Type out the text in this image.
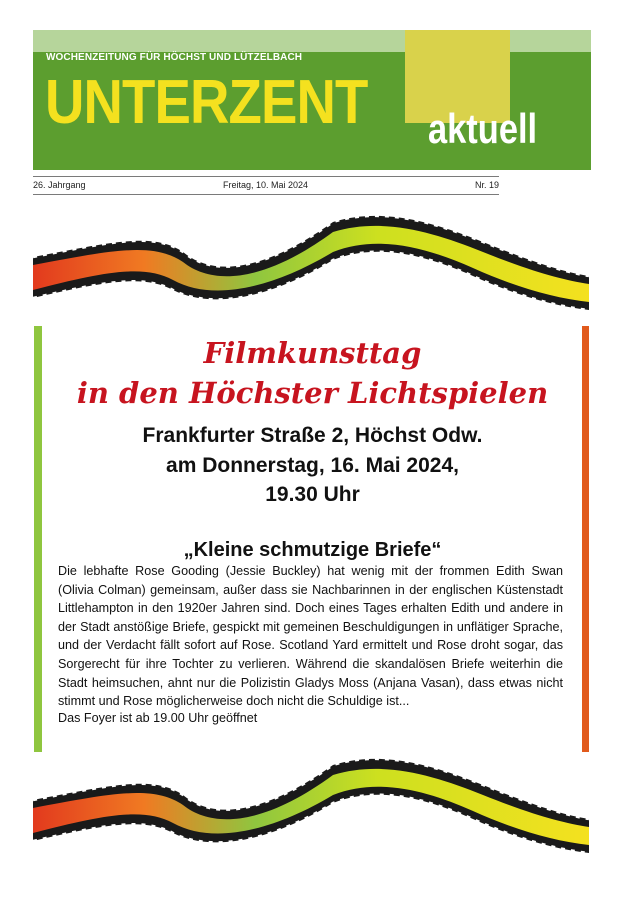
WOCHENZEITUNG FÜR HÖCHST UND LÜTZELBACH
UNTERZENT aktuell
26. Jahrgang	Freitag, 10. Mai 2024	Nr. 19
Filmkunsttag
in den Höchster Lichtspielen
Frankfurter Straße 2, Höchst Odw.
am Donnerstag, 16. Mai 2024,
19.30 Uhr
„Kleine schmutzige Briefe“
Die lebhafte Rose Gooding (Jessie Buckley) hat wenig mit der frommen Edith Swan (Olivia Colman) gemeinsam, außer dass sie Nachbarinnen in der englischen Küstenstadt Littlehampton in den 1920er Jahren sind. Doch eines Tages erhalten Edith und andere in der Stadt anstößige Briefe, gespickt mit gemeinen Beschuldigungen in unflätiger Sprache, und der Verdacht fällt sofort auf Rose. Scotland Yard ermittelt und Rose droht sogar, das Sorgerecht für ihre Tochter zu verlieren. Während die skandalösen Briefe weiterhin die Stadt heimsuchen, ahnt nur die Polizistin Gladys Moss (Anjana Vasan), dass etwas nicht stimmt und Rose möglicherweise doch nicht die Schuldige ist...
Das Foyer ist ab 19.00 Uhr geöffnet
